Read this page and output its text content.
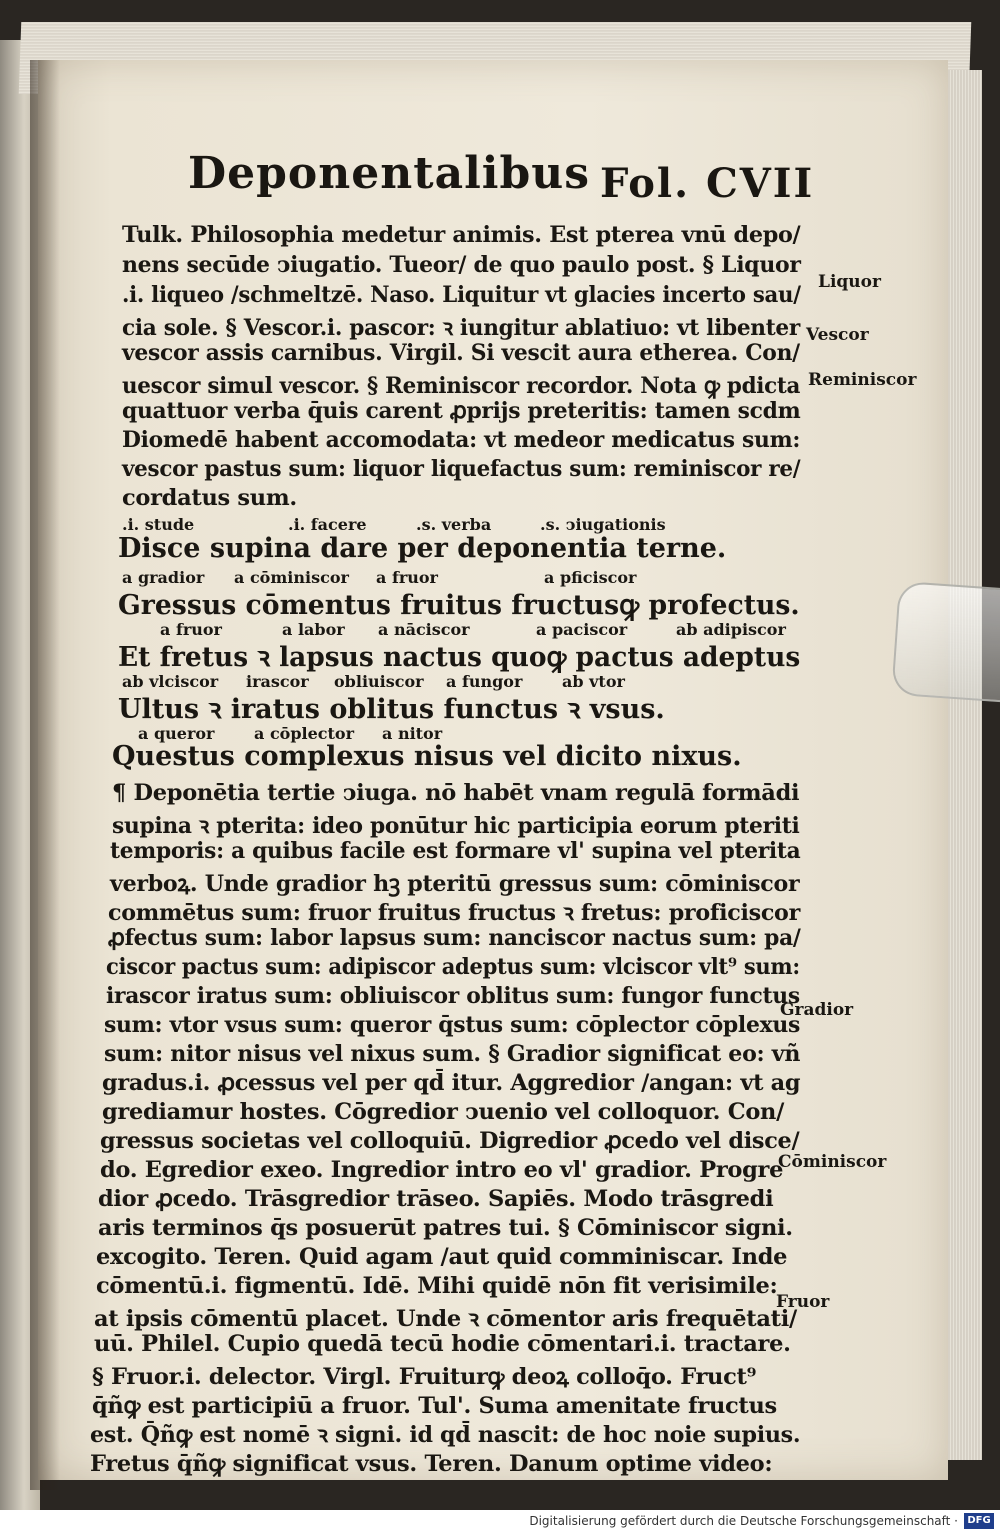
Deponentalibus Fol. CVII
Tulk. Philosophia medetur animis. Est pterea vnū depo/
nens secūde ↄiugatio. Tueor/ de quo paulo post. § Liquor
.i. liqueo /schmeltzē. Naso. Liquitur vt glacies incerto sau/
cia sole. § Vescor.i. pascor: ꝛ iungitur ablatiuo: vt libenter
vescor assis carnibus. Virgil. Si vescit aura etherea. Con/
uescor simul vescor. § Reminiscor recordor. Nota ꝙ pdicta
quattuor verba q̄uis carent ꝓprijs preteritis: tamen scdm
Diomedē habent accomodata: vt medeor medicatus sum:
vescor pastus sum: liquor liquefactus sum: reminiscor re/
cordatus sum.
.i. stude	.i. facere	.s. verba	.s. ↄiugationis
Disce supina dare per deponentia terne.
a gradior a cōminiscor a fruor	a pficiscor
Gressus cōmentus fruitus fructusꝙ profectus.
a fruor	a labor a nāciscor	a paciscor	ab adipiscor
Et fretus ꝛ lapsus nactus quoꝙ pactus adeptus
ab vlciscor irascor obliuiscor a fungor ab vtor
Ultus ꝛ iratus oblitus functus ꝛ vsus.
a queror a cōplector a nitor
Questus complexus nisus vel dicito nixus.
¶ Deponētia tertie ↄiuga. nō habēt vnam regulā formādi
supina ꝛ pterita: ideo ponūtur hic participia eorum pteriti
temporis: a quibus facile est formare vl' supina vel pterita
verboꝝ. Unde gradior hꝫ pteritū gressus sum: cōminiscor
commētus sum: fruor fruitus fructus ꝛ fretus: proficiscor
ꝓfectus sum: labor lapsus sum: nanciscor nactus sum: pa/
ciscor pactus sum: adipiscor adeptus sum: vlciscor vlt⁹ sum:
irascor iratus sum: obliuiscor oblitus sum: fungor functus
sum: vtor vsus sum: queror q̄stus sum: cōplector cōplexus
sum: nitor nisus vel nixus sum. § Gradior significat eo: vñ
gradus.i. ꝓcessus vel per qd̄ itur. Aggredior /angan: vt ag
grediamur hostes. Cōgredior ↄuenio vel colloquor. Con/
gressus societas vel colloquiū. Digredior ꝓcedo vel disce/
do. Egredior exeo. Ingredior intro eo vl' gradior. Progre
dior ꝓcedo. Trāsgredior trāseo. Sapiēs. Modo trāsgredi
aris terminos q̄s posuerūt patres tui. § Cōminiscor signi.
excogito. Teren. Quid agam /aut quid comminiscar. Inde
cōmentū.i. figmentū. Idē. Mihi quidē nōn fit verisimile:
at ipsis cōmentū placet. Unde ꝛ cōmentor aris frequētati/
uū. Philel. Cupio quedā tecū hodie cōmentari.i. tractare.
§ Fruor.i. delector. Virgl. Fruiturꝙ deoꝝ colloq̄o. Fruct⁹
q̄ñꝙ est participiū a fruor. Tul'. Suma amenitate fructus
est. Q̄ñꝙ est nomē ꝛ signi. id qd̄ nascit: de hoc noie supius.
Fretus q̄ñꝙ significat vsus. Teren. Danum optime video:
Liquor
Vescor
Reminiscor
Gradior
Cōminiscor
Fruor
Digitalisierung gefördert durch die Deutsche Forschungsgemeinschaft · DFG
